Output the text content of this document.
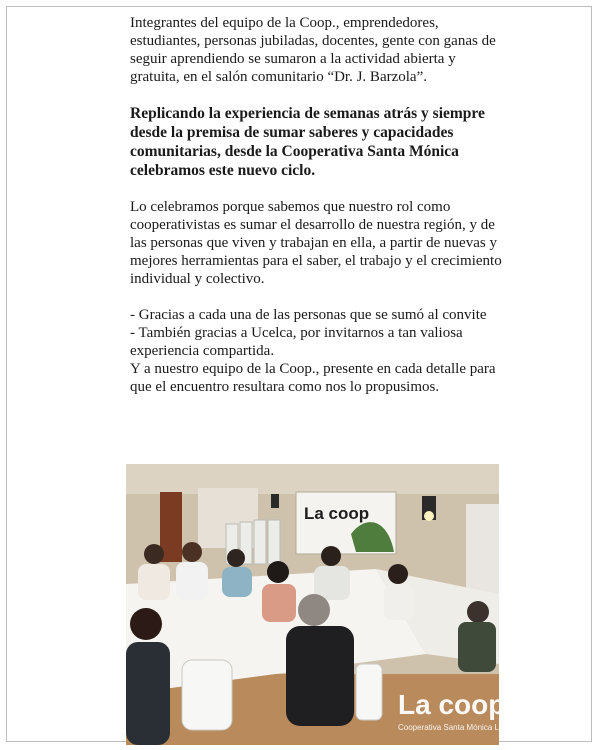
Integrantes del equipo de la Coop., emprendedores, estudiantes, personas jubiladas, docentes, gente con ganas de seguir aprendiendo se sumaron a la actividad abierta y gratuita, en el salón comunitario “Dr. J. Barzola”.

Replicando la experiencia de semanas atrás y siempre desde la premisa de sumar saberes y capacidades comunitarias, desde la Cooperativa Santa Mónica celebramos este nuevo ciclo.

Lo celebramos porque sabemos que nuestro rol como cooperativistas es sumar el desarrollo de nuestra región, y de las personas que viven y trabajan en ella, a partir de nuevas y mejores herramientas para el saber, el trabajo y el crecimiento individual y colectivo.

- Gracias a cada una de las personas que se sumó al convite

- También gracias a Ucelca, por invitarnos a tan valiosa experiencia compartida.

Y a nuestro equipo de la Coop., presente en cada detalle para que el encuentro resultara como nos lo propusimos.

La coop
La coop
Cooperativa Santa Mónica Ltda.
